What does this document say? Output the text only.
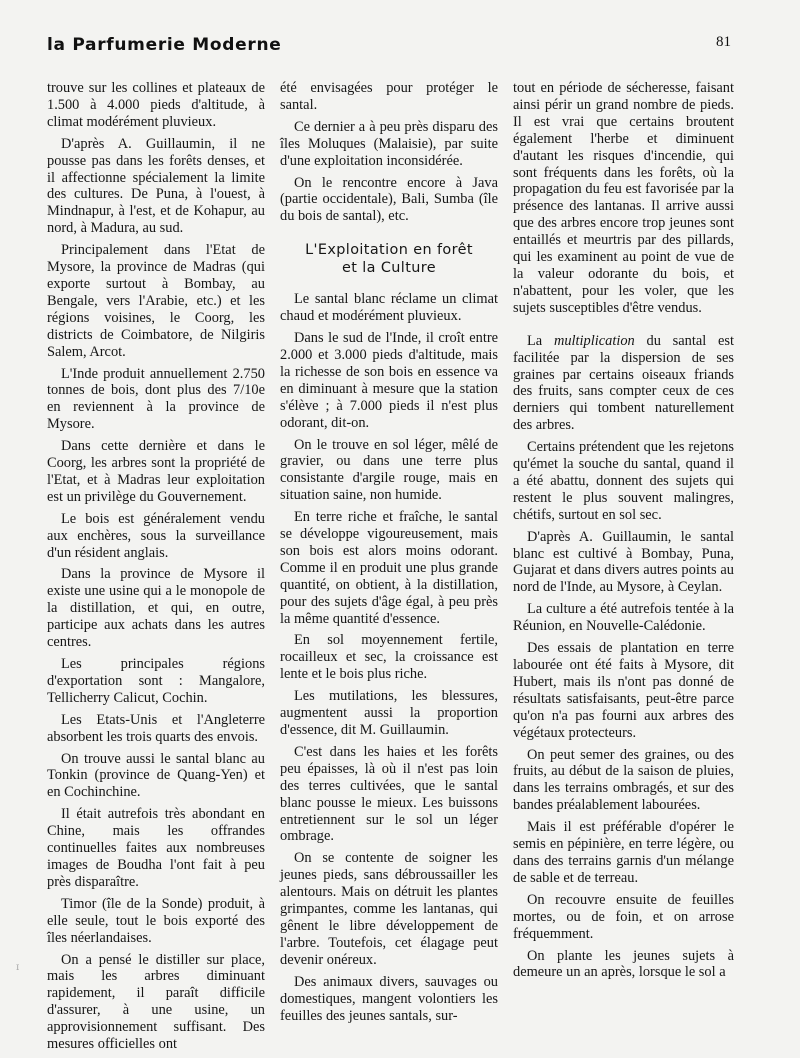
la Parfumerie Moderne	81

trouve sur les collines et plateaux de 1.500 à 4.000 pieds d'altitude, à climat modérément pluvieux.

D'après A. Guillaumin, il ne pousse pas dans les forêts denses, et il affectionne spécialement la limite des cultures. De Puna, à l'ouest, à Mindnapur, à l'est, et de Kohapur, au nord, à Madura, au sud.

Principalement dans l'Etat de Mysore, la province de Madras (qui exporte surtout à Bombay, au Bengale, vers l'Arabie, etc.) et les régions voisines, le Coorg, les districts de Coimbatore, de Nilgiris Salem, Arcot.

L'Inde produit annuellement 2.750 tonnes de bois, dont plus des 7/10e en reviennent à la province de Mysore.

Dans cette dernière et dans le Coorg, les arbres sont la propriété de l'Etat, et à Madras leur exploitation est un privilège du Gouvernement.

Le bois est généralement vendu aux enchères, sous la surveillance d'un résident anglais.

Dans la province de Mysore il existe une usine qui a le monopole de la distillation, et qui, en outre, participe aux achats dans les autres centres.

Les principales régions d'exportation sont : Mangalore, Tellicherry Calicut, Cochin.

Les Etats-Unis et l'Angleterre absorbent les trois quarts des envois.

On trouve aussi le santal blanc au Tonkin (province de Quang-Yen) et en Cochinchine.

Il était autrefois très abondant en Chine, mais les offrandes continuelles faites aux nombreuses images de Boudha l'ont fait à peu près disparaître.

Timor (île de la Sonde) produit, à elle seule, tout le bois exporté des îles néerlandaises.

On a pensé le distiller sur place, mais les arbres diminuant rapidement, il paraît difficile d'assurer, à une usine, un approvisionnement suffisant. Des mesures officielles ont

été envisagées pour protéger le santal.

Ce dernier a à peu près disparu des îles Moluques (Malaisie), par suite d'une exploitation inconsidérée.

On le rencontre encore à Java (partie occidentale), Bali, Sumba (île du bois de santal), etc.

L'Exploitation en forêt
et la Culture

Le santal blanc réclame un climat chaud et modérément pluvieux.

Dans le sud de l'Inde, il croît entre 2.000 et 3.000 pieds d'altitude, mais la richesse de son bois en essence va en diminuant à mesure que la station s'élève ; à 7.000 pieds il n'est plus odorant, dit-on.

On le trouve en sol léger, mêlé de gravier, ou dans une terre plus consistante d'argile rouge, mais en situation saine, non humide.

En terre riche et fraîche, le santal se développe vigoureusement, mais son bois est alors moins odorant. Comme il en produit une plus grande quantité, on obtient, à la distillation, pour des sujets d'âge égal, à peu près la même quantité d'essence.

En sol moyennement fertile, rocailleux et sec, la croissance est lente et le bois plus riche.

Les mutilations, les blessures, augmentent aussi la proportion d'essence, dit M. Guillaumin.

C'est dans les haies et les forêts peu épaisses, là où il n'est pas loin des terres cultivées, que le santal blanc pousse le mieux. Les buissons entretiennent sur le sol un léger ombrage.

On se contente de soigner les jeunes pieds, sans débroussailler les alentours. Mais on détruit les plantes grimpantes, comme les lantanas, qui gênent le libre développement de l'arbre. Toutefois, cet élagage peut devenir onéreux.

Des animaux divers, sauvages ou domestiques, mangent volontiers les feuilles des jeunes santals, sur-

tout en période de sécheresse, faisant ainsi périr un grand nombre de pieds. Il est vrai que certains broutent également l'herbe et diminuent d'autant les risques d'incendie, qui sont fréquents dans les forêts, où la propagation du feu est favorisée par la présence des lantanas. Il arrive aussi que des arbres encore trop jeunes sont entaillés et meurtris par des pillards, qui les examinent au point de vue de la valeur odorante du bois, et n'abattent, pour les voler, que les sujets susceptibles d'être vendus.

La multiplication du santal est facilitée par la dispersion de ses graines par certains oiseaux friands des fruits, sans compter ceux de ces derniers qui tombent naturellement des arbres.

Certains prétendent que les rejetons qu'émet la souche du santal, quand il a été abattu, donnent des sujets qui restent le plus souvent malingres, chétifs, surtout en sol sec.

D'après A. Guillaumin, le santal blanc est cultivé à Bombay, Puna, Gujarat et dans divers autres points au nord de l'Inde, au Mysore, à Ceylan.

La culture a été autrefois tentée à la Réunion, en Nouvelle-Calédonie.

Des essais de plantation en terre labourée ont été faits à Mysore, dit Hubert, mais ils n'ont pas donné de résultats satisfaisants, peut-être parce qu'on n'a pas fourni aux arbres des végétaux protecteurs.

On peut semer des graines, ou des fruits, au début de la saison de pluies, dans les terrains ombragés, et sur des bandes préalablement labourées.

Mais il est préférable d'opérer le semis en pépinière, en terre légère, ou dans des terrains garnis d'un mélange de sable et de terreau.

On recouvre ensuite de feuilles mortes, ou de foin, et on arrose fréquemment.

On plante les jeunes sujets à demeure un an après, lorsque le sol a

ɪ
